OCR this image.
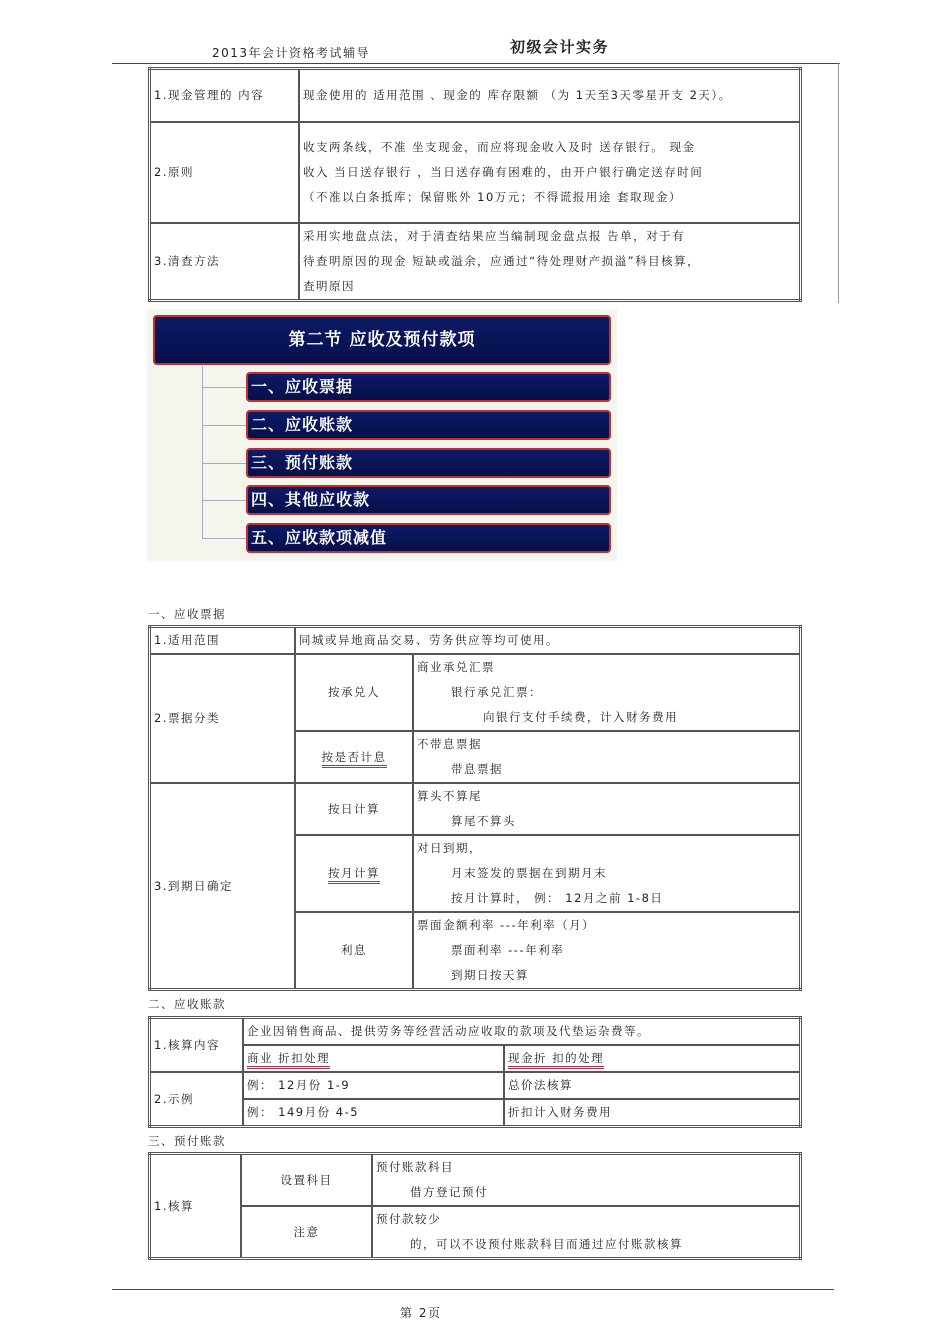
2013年会计资格考试辅导	初级会计实务
1.现金管理的 内容	现金使用的 适用范围 、现金的 库存限额 （为 1天至3天零星开支 2天）。
2.原则	收支两条线，不准 坐支现金，而应将现金收入及时 送存银行。 现金
收入 当日送存银行 ，当日送存确有困难的，由开户银行确定送存时间
（不准以白条抵库；保留账外 10万元；不得谎报用途 套取现金）

3.清查方法	采用实地盘点法，对于清查结果应当编制现金盘点报 告单，对于有
待查明原因的现金 短缺或溢余，应通过“待处理财产损溢”科目核算，
查明原因
第二节 应收及预付款项
一、应收票据
二、应收账款
三、预付账款
四、其他应收款
五、应收款项减值
一、应收票据
1.适用范围	同城或异地商品交易、劳务供应等均可使用。	
2.票据分类	按承兑人	商业承兑汇票
银行承兑汇票：
向银行支付手续费，计入财务费用

	按是否计息	不带息票据
带息票据

3.到期日确定	按日计算	算头不算尾
算尾不算头

	按月计算	对日到期，
月末签发的票据在到期月末
按月计算时， 例： 12月之前 1-8日

	利息	票面金额利率 ---年利率（月）
票面利率 ---年利率
到期日按天算
二、应收账款
1.核算内容	企业因销售商品、提供劳务等经营活动应收取的款项及代垫运杂费等。	
	商业 折扣处理	现金折 扣的处理
2.示例	例： 12月份 1-9	总价法核算
	例： 149月份 4-5	折扣计入财务费用
三、预付账款
1.核算	设置科目	预付账款科目
借方登记预付

	注意	预付款较少
的，可以不设预付账款科目而通过应付账款核算
第 2页
